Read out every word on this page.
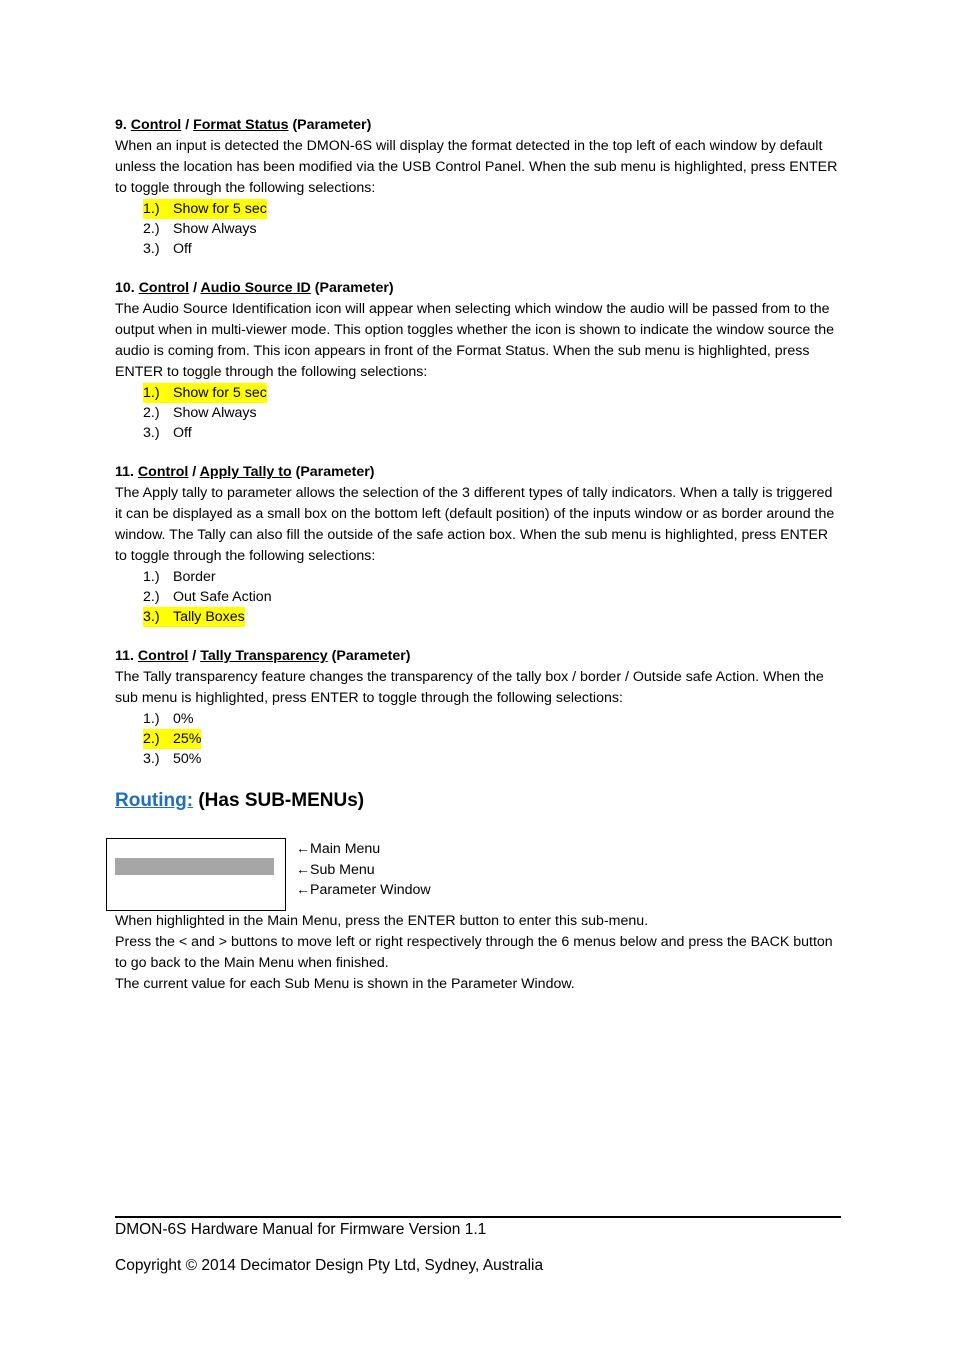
9. Control / Format Status (Parameter)

When an input is detected the DMON-6S will display the format detected in the top left of each window by default unless the location has been modified via the USB Control Panel. When the sub menu is highlighted, press ENTER to toggle through the following selections:

1.) Show for 5 sec
2.) Show Always
3.) Off

10. Control / Audio Source ID (Parameter)

The Audio Source Identification icon will appear when selecting which window the audio will be passed from to the output when in multi-viewer mode. This option toggles whether the icon is shown to indicate the window source the audio is coming from. This icon appears in front of the Format Status. When the sub menu is highlighted, press ENTER to toggle through the following selections:

1.) Show for 5 sec
2.) Show Always
3.) Off

11. Control / Apply Tally to (Parameter)

The Apply tally to parameter allows the selection of the 3 different types of tally indicators. When a tally is triggered it can be displayed as a small box on the bottom left (default position) of the inputs window or as border around the window. The Tally can also fill the outside of the safe action box. When the sub menu is highlighted, press ENTER to toggle through the following selections:

1.) Border
2.) Out Safe Action
3.) Tally Boxes

11. Control / Tally Transparency (Parameter)

The Tally transparency feature changes the transparency of the tally box / border / Outside safe Action. When the sub menu is highlighted, press ENTER to toggle through the following selections:

1.) 0%
2.) 25%
3.) 50%
Routing: (Has SUB-MENUs)
←Main Menu
←Sub Menu
←Parameter Window

When highlighted in the Main Menu, press the ENTER button to enter this sub-menu.

Press the < and > buttons to move left or right respectively through the 6 menus below and press the BACK button to go back to the Main Menu when finished.

The current value for each Sub Menu is shown in the Parameter Window.

DMON-6S Hardware Manual for Firmware Version 1.1
Copyright © 2014 Decimator Design Pty Ltd, Sydney, Australia
